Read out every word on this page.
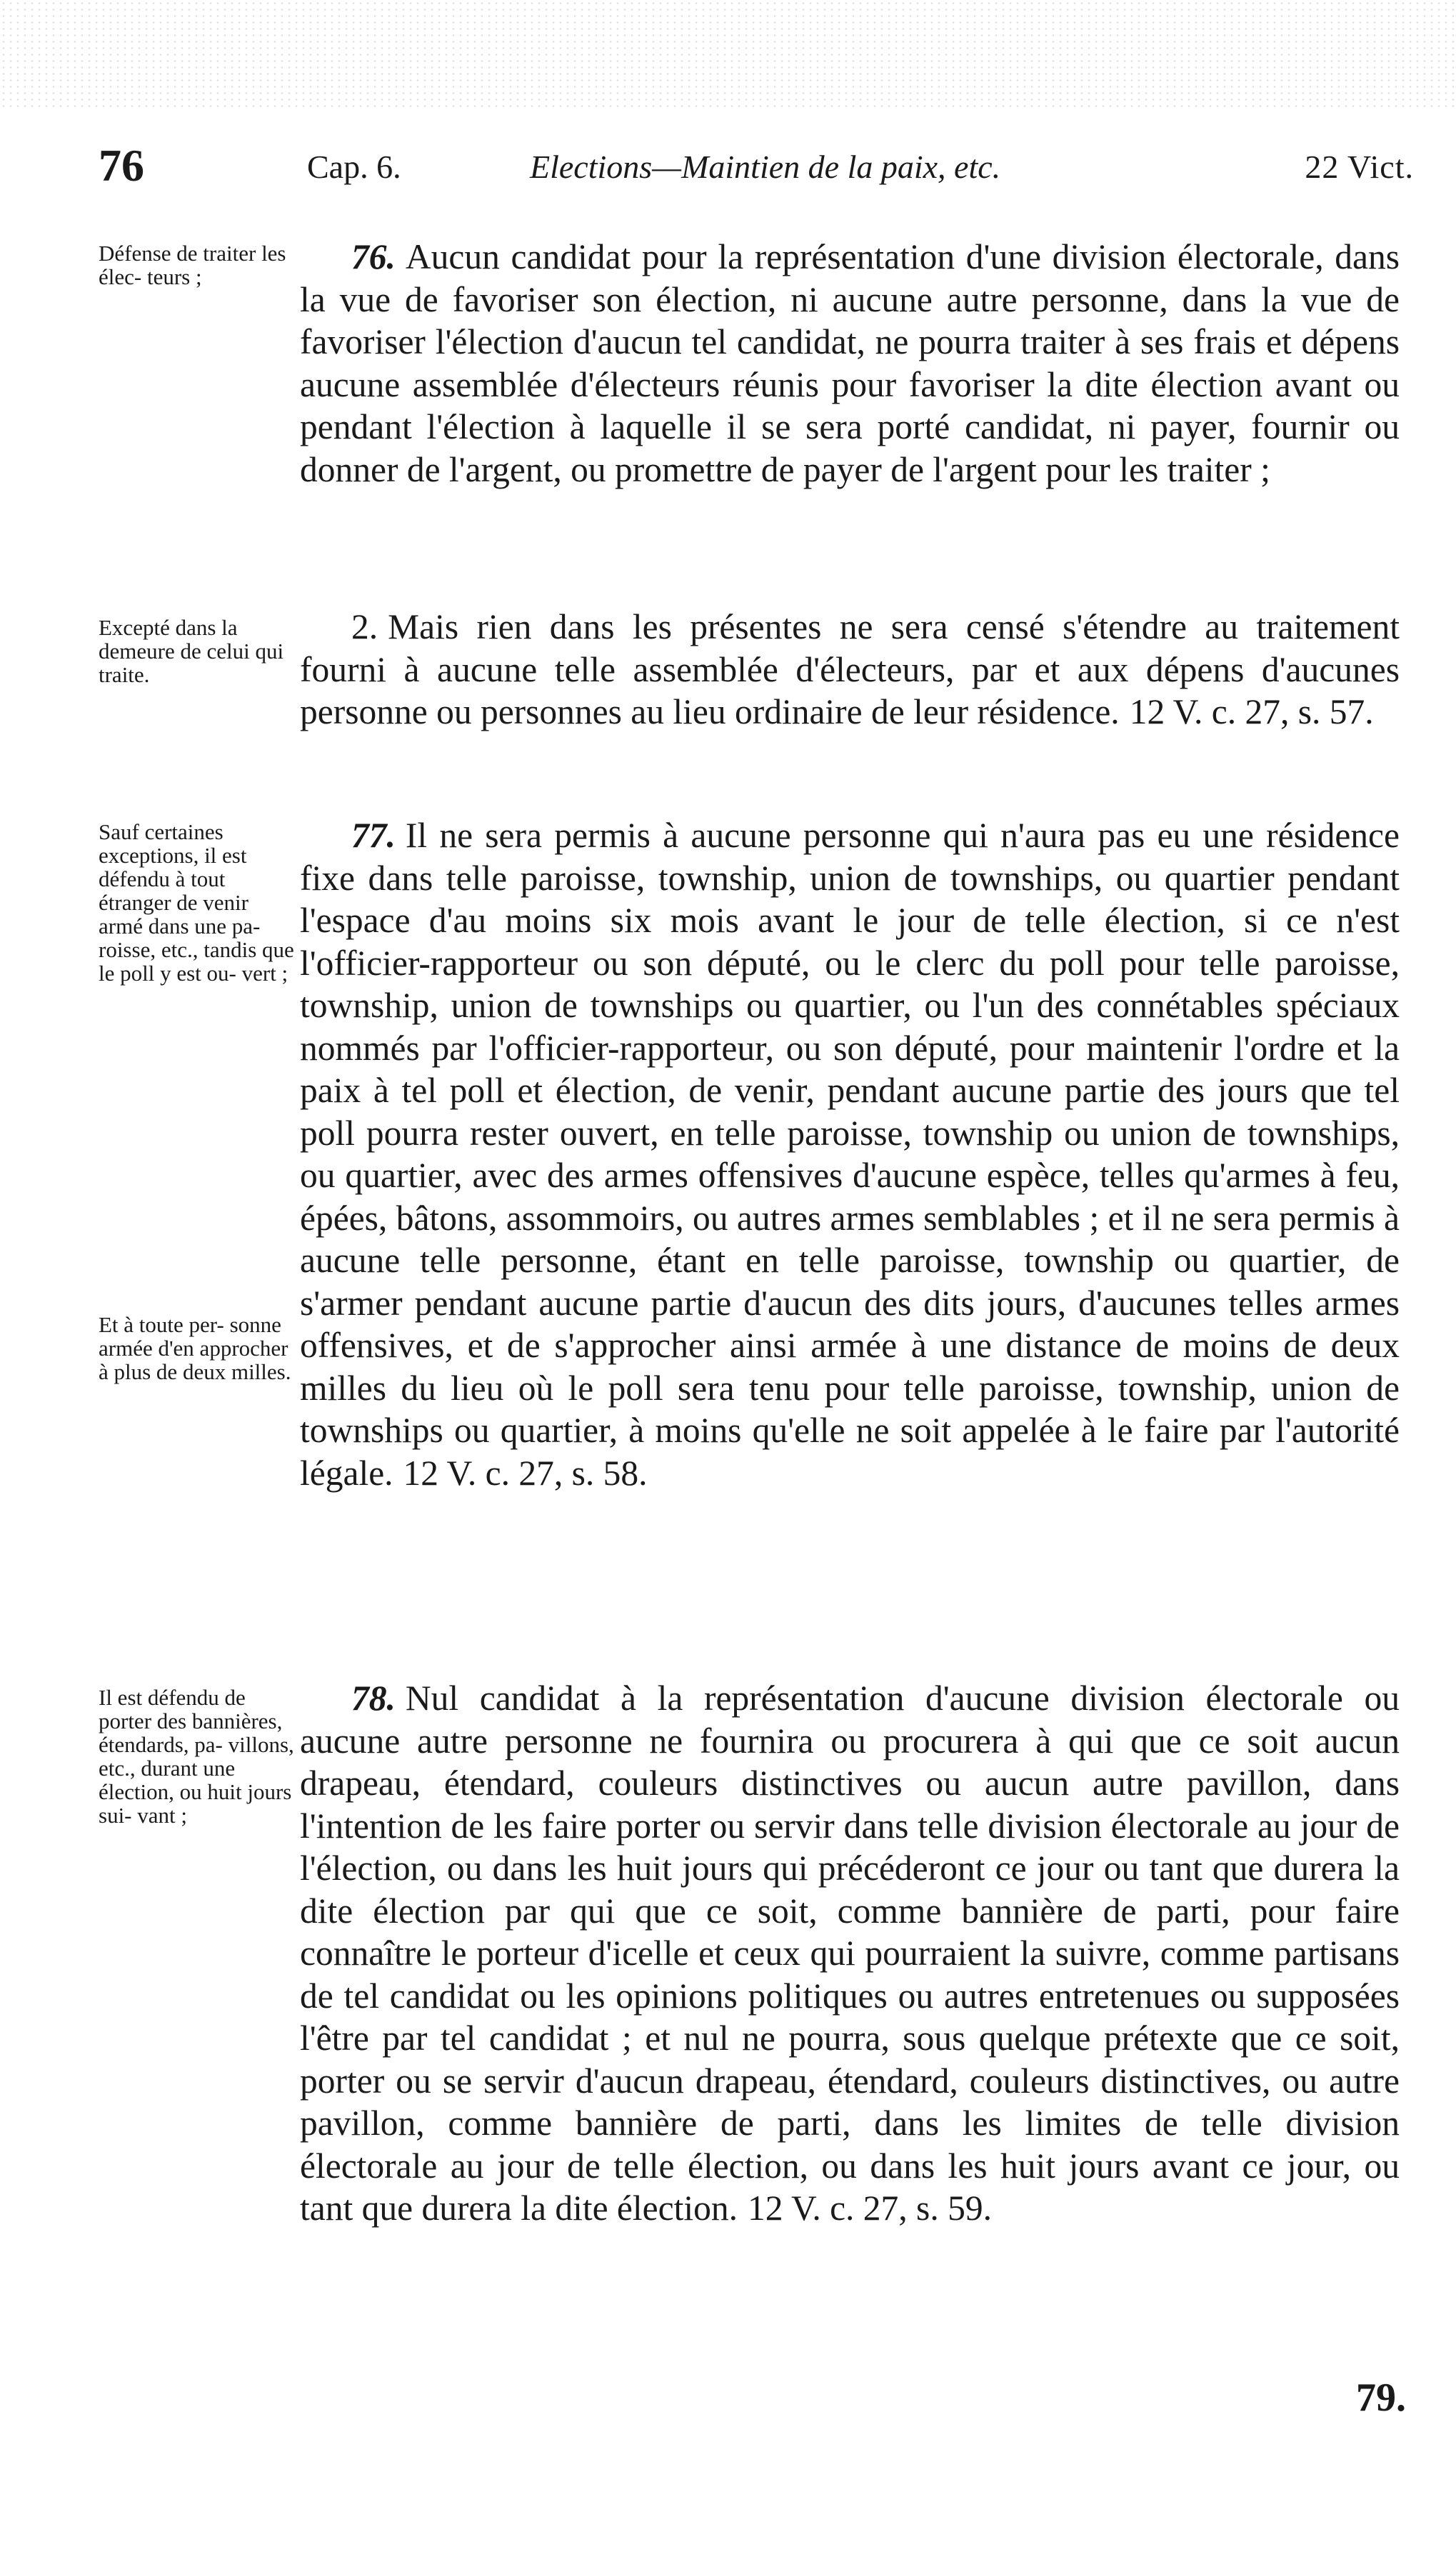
76	Cap. 6.	Elections—Maintien de la paix, etc.	22 Vict.
Défense de traiter les élec- teurs ;
76. Aucun candidat pour la représentation d'une division électorale, dans la vue de favoriser son élection, ni aucune autre personne, dans la vue de favoriser l'élection d'aucun tel candidat, ne pourra traiter à ses frais et dépens aucune assemblée d'électeurs réunis pour favoriser la dite élection avant ou pendant l'élection à laquelle il se sera porté candidat, ni payer, fournir ou donner de l'argent, ou promettre de payer de l'argent pour les traiter ;
Excepté dans la demeure de celui qui traite.
2. Mais rien dans les présentes ne sera censé s'étendre au traitement fourni à aucune telle assemblée d'électeurs, par et aux dépens d'aucunes personne ou personnes au lieu ordinaire de leur résidence. 12 V. c. 27, s. 57.
Sauf certaines exceptions, il est défendu à tout étranger de venir armé dans une pa- roisse, etc., tandis que le poll y est ou- vert ;
Et à toute per- sonne armée d'en approcher à plus de deux milles.
77. Il ne sera permis à aucune personne qui n'aura pas eu une résidence fixe dans telle paroisse, township, union de townships, ou quartier pendant l'espace d'au moins six mois avant le jour de telle élection, si ce n'est l'officier-rapporteur ou son député, ou le clerc du poll pour telle paroisse, township, union de townships ou quartier, ou l'un des connétables spéciaux nommés par l'officier-rapporteur, ou son député, pour maintenir l'ordre et la paix à tel poll et élection, de venir, pendant aucune partie des jours que tel poll pourra rester ouvert, en telle paroisse, township ou union de townships, ou quartier, avec des armes offensives d'aucune espèce, telles qu'armes à feu, épées, bâtons, assommoirs, ou autres armes semblables ; et il ne sera permis à aucune telle personne, étant en telle paroisse, township ou quartier, de s'armer pendant aucune partie d'aucun des dits jours, d'aucunes telles armes offensives, et de s'approcher ainsi armée à une distance de moins de deux milles du lieu où le poll sera tenu pour telle paroisse, township, union de townships ou quartier, à moins qu'elle ne soit appelée à le faire par l'autorité légale. 12 V. c. 27, s. 58.
Il est défendu de porter des bannières, étendards, pa- villons, etc., durant une élection, ou huit jours sui- vant ;
78. Nul candidat à la représentation d'aucune division électorale ou aucune autre personne ne fournira ou procurera à qui que ce soit aucun drapeau, étendard, couleurs distinctives ou aucun autre pavillon, dans l'intention de les faire porter ou servir dans telle division électorale au jour de l'élection, ou dans les huit jours qui précéderont ce jour ou tant que durera la dite élection par qui que ce soit, comme bannière de parti, pour faire connaître le porteur d'icelle et ceux qui pourraient la suivre, comme partisans de tel candidat ou les opinions politiques ou autres entretenues ou supposées l'être par tel candidat ; et nul ne pourra, sous quelque prétexte que ce soit, porter ou se servir d'aucun drapeau, étendard, couleurs distinctives, ou autre pavillon, comme bannière de parti, dans les limites de telle division électorale au jour de telle élection, ou dans les huit jours avant ce jour, ou tant que durera la dite élection. 12 V. c. 27, s. 59.
79.
